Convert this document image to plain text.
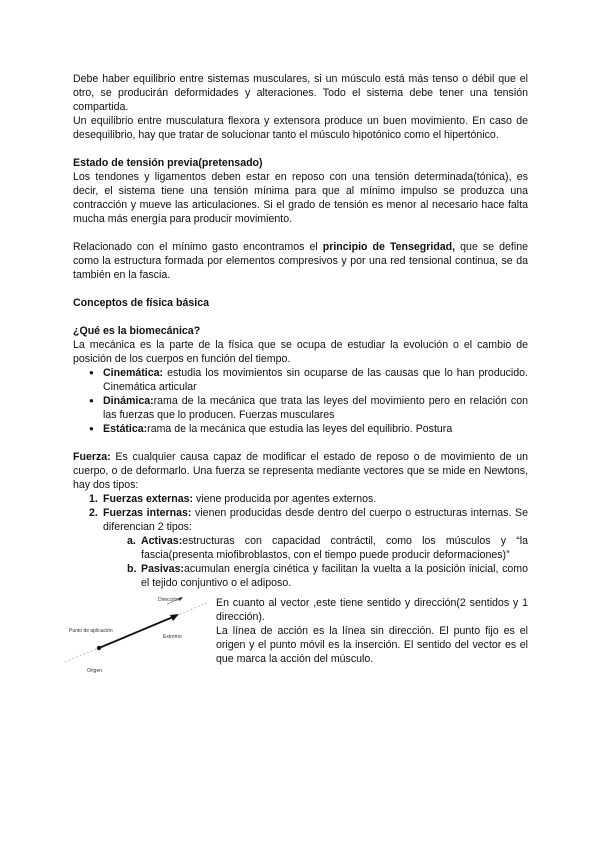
Debe haber equilibrio entre sistemas musculares, si un músculo está más tenso o débil que el otro, se producirán deformidades y alteraciones. Todo el sistema debe tener una tensión compartida.

Un equilibrio entre musculatura flexora y extensora produce un buen movimiento. En caso de desequilibrio, hay que tratar de solucionar tanto el músculo hipotónico como el hipertónico.

Estado de tensión previa(pretensado)

Los tendones y ligamentos deben estar en reposo con una tensión determinada(tónica), es decir, el sistema tiene una tensión mínima para que al mínimo impulso se produzca una contracción y mueve las articulaciones. Si el grado de tensión es menor al necesario hace falta mucha más energía para producir movimiento.

Relacionado con el mínimo gasto encontramos el principio de Tensegridad, que se define como la estructura formada por elementos compresivos y por una red tensional continua, se da también en la fascia.

Conceptos de física básica

¿Qué es la biomecánica?

La mecánica es la parte de la física que se ocupa de estudiar la evolución o el cambio de posición de los cuerpos en función del tiempo.

● Cinemática: estudia los movimientos sin ocuparse de las causas que lo han producido. Cinemática articular
● Dinámica:rama de la mecánica que trata las leyes del movimiento pero en relación con las fuerzas que lo producen. Fuerzas musculares
● Estática:rama de la mecánica que estudia las leyes del equilibrio. Postura

Fuerza: Es cualquier causa capaz de modificar el estado de reposo o de movimiento de un cuerpo, o de deformarlo. Una fuerza se representa mediante vectores que se mide en Newtons, hay dos tipos:

1. Fuerzas externas: viene producida por agentes externos.
2. Fuerzas internas: vienen producidas desde dentro del cuerpo o estructuras internas. Se diferencian 2 tipos:
a. Activas:estructuras con capacidad contráctil, como los músculos y “la fascia(presenta miofibroblastos, con el tiempo puede producir deformaciones)”
b. Pasivas:acumulan energía cinética y facilitan la vuelta a la posición inicial, como el tejido conjuntivo o el adiposo.
Dirección
Punto de aplicación
Extremo
Origen

En cuanto al vector ,este tiene sentido y dirección(2 sentidos y 1 dirección).

La línea de acción es la línea sin dirección. El punto fijo es el origen y el punto móvil es la inserción. El sentido del vector es el que marca la acción del músculo.
